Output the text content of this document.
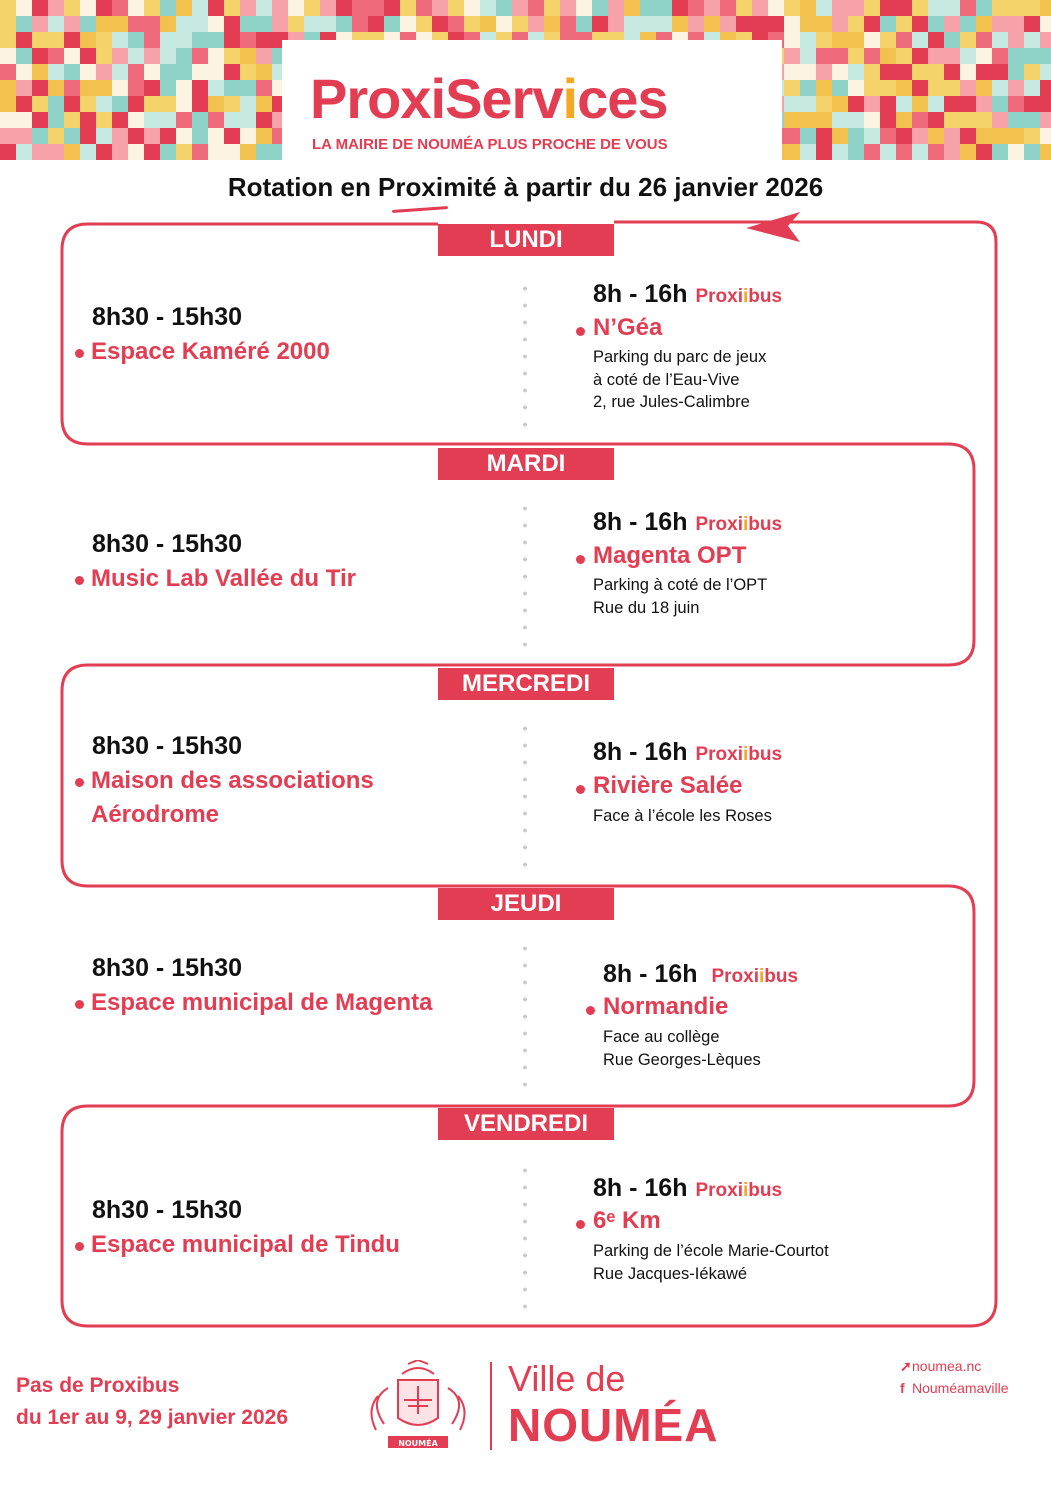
ProxiServices
LA MAIRIE DE NOUMÉA PLUS PROCHE DE VOUS
Rotation en Proximité à partir du 26 janvier 2026
LUNDI
MARDI
MERCREDI
JEUDI
VENDREDI
8h30 - 15h30
Espace Kaméré 2000
8h - 16h Proxiibus
N’Géa
Parking du parc de jeux
à coté de l’Eau-Vive
2, rue Jules-Calimbre
8h30 - 15h30
Music Lab Vallée du Tir
8h - 16h Proxiibus
Magenta OPT
Parking à coté de l’OPT
Rue du 18 juin
8h30 - 15h30
Maison des associations
Aérodrome
8h - 16h Proxiibus
Rivière Salée
Face à l’école les Roses
8h30 - 15h30
Espace municipal de Magenta
8h - 16h Proxiibus
Normandie
Face au collège
Rue Georges-Lèques
8h30 - 15h30
Espace municipal de Tindu
8h - 16h Proxiibus
6ᵉ Km
Parking de l’école Marie-Courtot
Rue Jacques-Iékawé
Pas de Proxibus
du 1er au 9, 29 janvier 2026
NOUMÉA
Ville de
NOUMÉA
➚noumea.nc
f Nouméamaville
